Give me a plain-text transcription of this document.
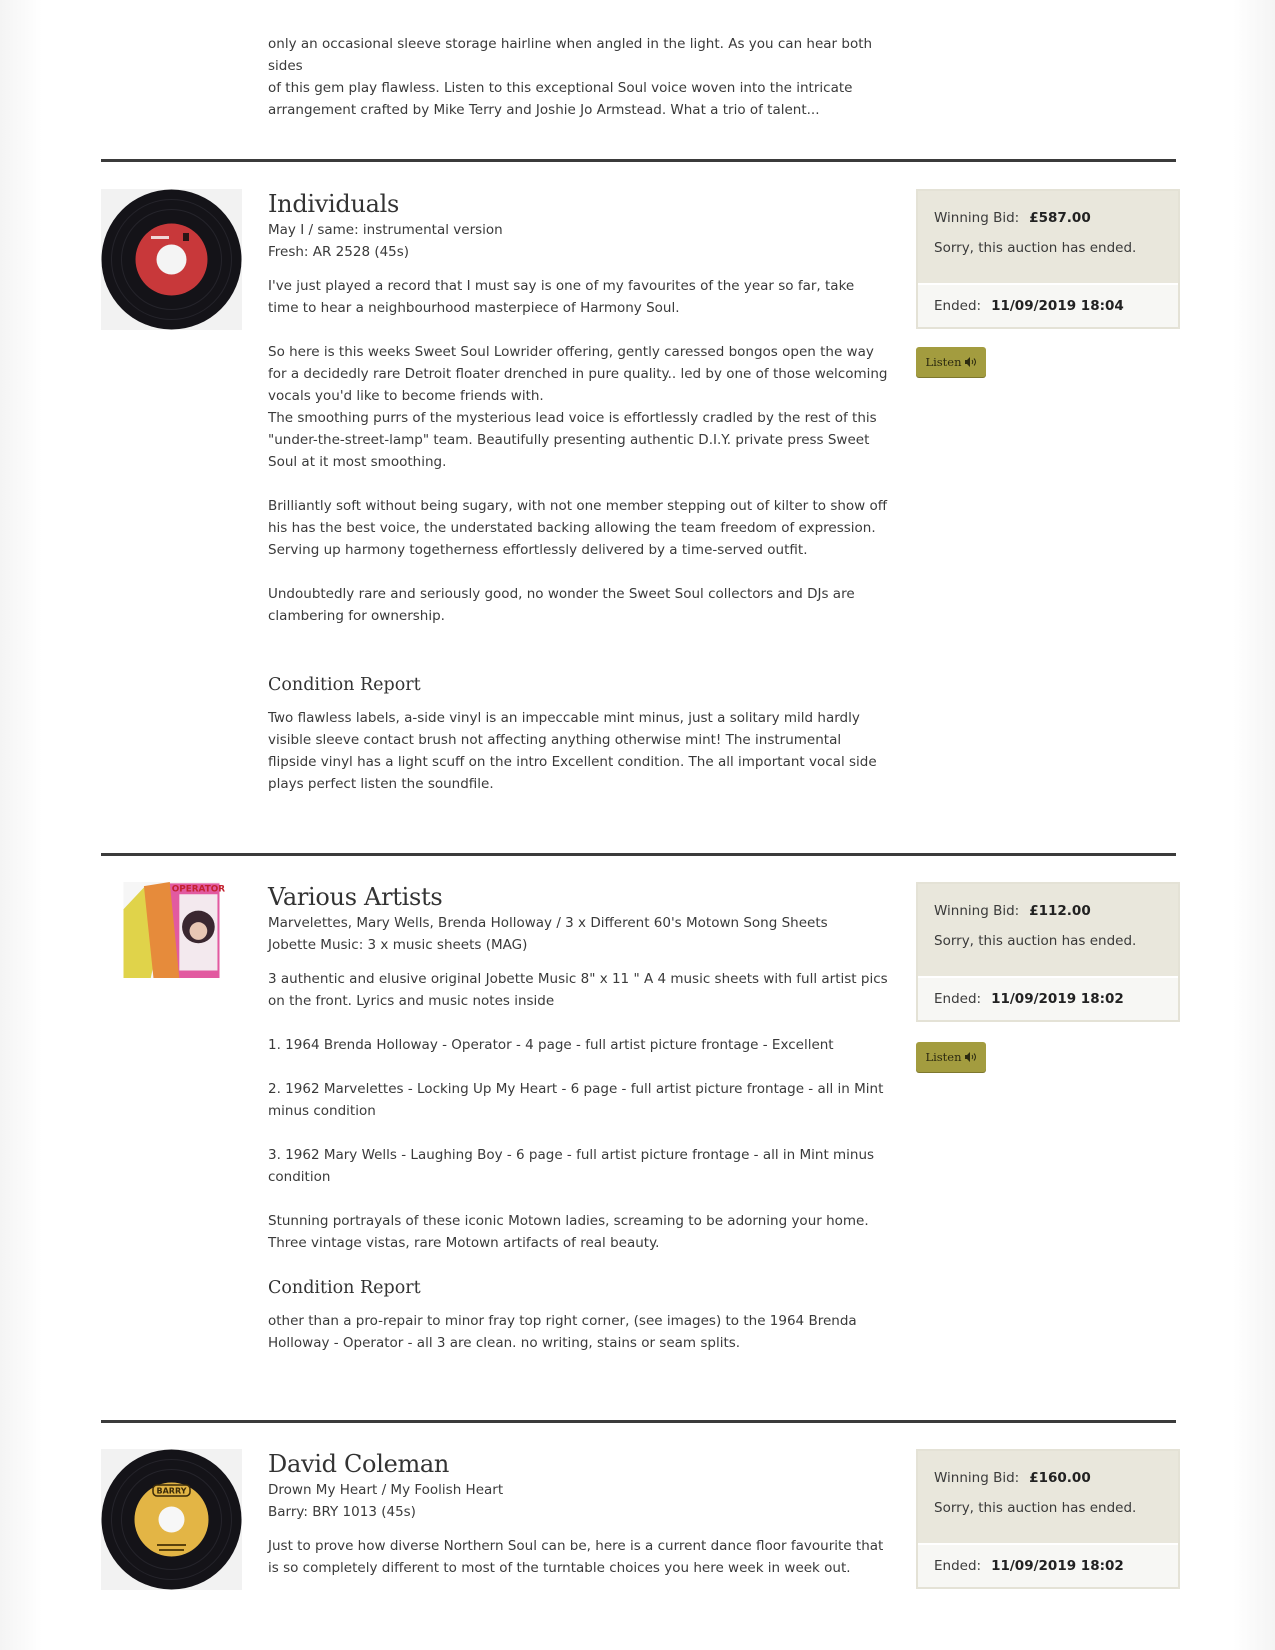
only an occasional sleeve storage hairline when angled in the light. As you can hear both sides

of this gem play flawless. Listen to this exceptional Soul voice woven into the intricate

arrangement crafted by Mike Terry and Joshie Jo Armstead. What a trio of talent...

Individuals
May I / same: instrumental version
Fresh: AR 2528 (45s)

I've just played a record that I must say is one of my favourites of the year so far, take time to hear a neighbourhood masterpiece of Harmony Soul.

So here is this weeks Sweet Soul Lowrider offering, gently caressed bongos open the way for a decidedly rare Detroit floater drenched in pure quality.. led by one of those welcoming vocals you'd like to become friends with.
The smoothing purrs of the mysterious lead voice is effortlessly cradled by the rest of this "under-the-street-lamp" team. Beautifully presenting authentic D.I.Y. private press Sweet Soul at it most smoothing.

Brilliantly soft without being sugary, with not one member stepping out of kilter to show off his has the best voice, the understated backing allowing the team freedom of expression. Serving up harmony togetherness effortlessly delivered by a time-served outfit.

Undoubtedly rare and seriously good, no wonder the Sweet Soul collectors and DJs are clambering for ownership.

Condition Report

Two flawless labels, a-side vinyl is an impeccable mint minus, just a solitary mild hardly visible sleeve contact brush not affecting anything otherwise mint! The instrumental flipside vinyl has a light scuff on the intro Excellent condition. The all important vocal side plays perfect listen the soundfile.

Winning Bid: £587.00
Sorry, this auction has ended.
Ended: 11/09/2019 18:04
Listen
OPERATOR Various Artists
Marvelettes, Mary Wells, Brenda Holloway / 3 x Different 60's Motown Song Sheets
Jobette Music: 3 x music sheets (MAG)

3 authentic and elusive original Jobette Music 8" x 11 " A 4 music sheets with full artist pics on the front. Lyrics and music notes inside

1. 1964 Brenda Holloway - Operator - 4 page - full artist picture frontage - Excellent

2. 1962 Marvelettes - Locking Up My Heart - 6 page - full artist picture frontage - all in Mint minus condition

3. 1962 Mary Wells - Laughing Boy - 6 page - full artist picture frontage - all in Mint minus condition

Stunning portrayals of these iconic Motown ladies, screaming to be adorning your home. Three vintage vistas, rare Motown artifacts of real beauty.

Condition Report

other than a pro-repair to minor fray top right corner, (see images) to the 1964 Brenda Holloway - Operator - all 3 are clean. no writing, stains or seam splits.

Winning Bid: £112.00
Sorry, this auction has ended.
Ended: 11/09/2019 18:02
Listen
BARRY
David Coleman
Drown My Heart / My Foolish Heart
Barry: BRY 1013 (45s)

Just to prove how diverse Northern Soul can be, here is a current dance floor favourite that is so completely different to most of the turntable choices you here week in week out.

Winning Bid: £160.00
Sorry, this auction has ended.
Ended: 11/09/2019 18:02
